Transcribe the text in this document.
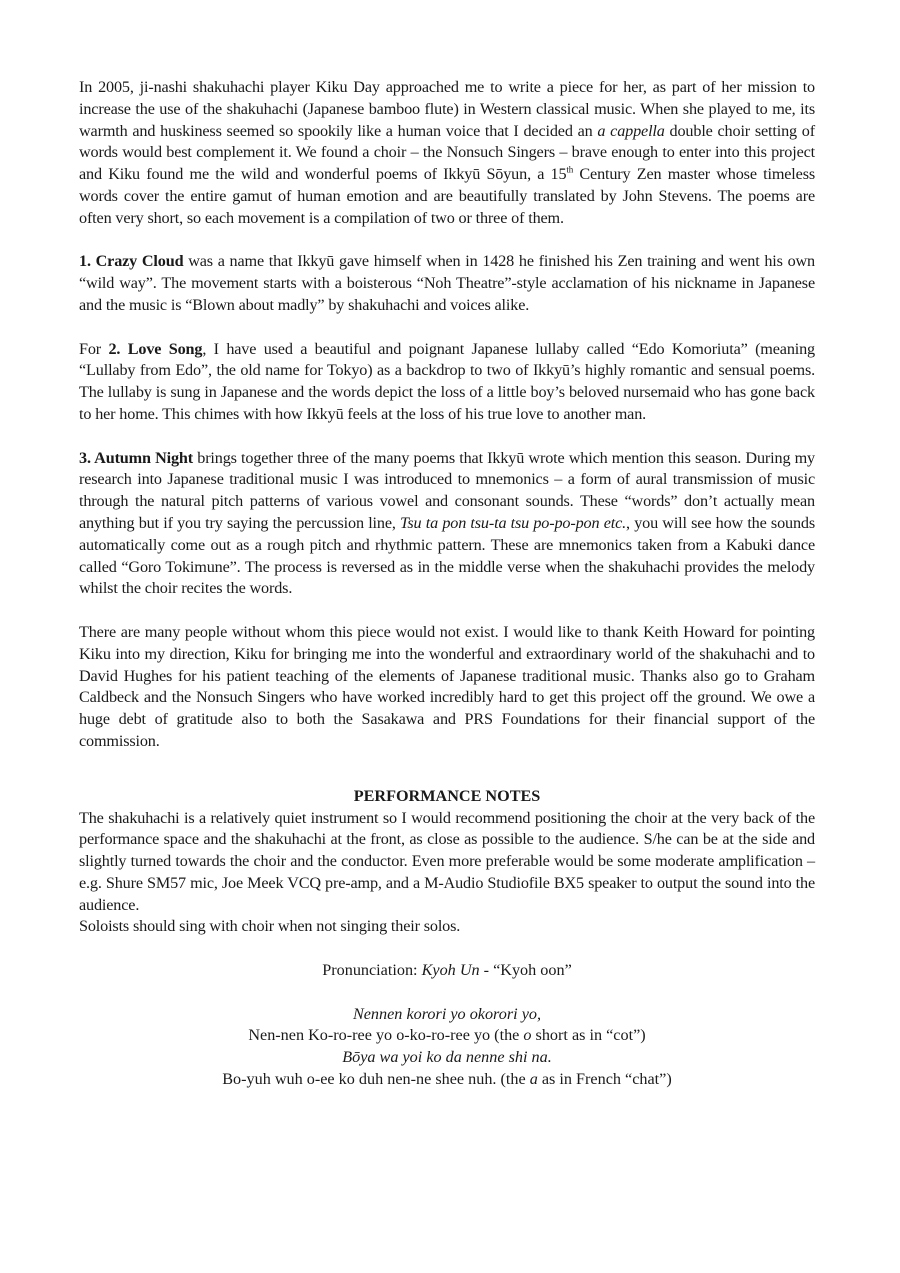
In 2005, ji-nashi shakuhachi player Kiku Day approached me to write a piece for her, as part of her mission to increase the use of the shakuhachi (Japanese bamboo flute) in Western classical music. When she played to me, its warmth and huskiness seemed so spookily like a human voice that I decided an a cappella double choir setting of words would best complement it. We found a choir – the Nonsuch Singers – brave enough to enter into this project and Kiku found me the wild and wonderful poems of Ikkyū Sōyun, a 15th Century Zen master whose timeless words cover the entire gamut of human emotion and are beautifully translated by John Stevens. The poems are often very short, so each movement is a compilation of two or three of them.

1. Crazy Cloud was a name that Ikkyū gave himself when in 1428 he finished his Zen training and went his own “wild way”. The movement starts with a boisterous “Noh Theatre”-style acclamation of his nickname in Japanese and the music is “Blown about madly” by shakuhachi and voices alike.

For 2. Love Song, I have used a beautiful and poignant Japanese lullaby called “Edo Komoriuta” (meaning “Lullaby from Edo”, the old name for Tokyo) as a backdrop to two of Ikkyū’s highly romantic and sensual poems. The lullaby is sung in Japanese and the words depict the loss of a little boy’s beloved nursemaid who has gone back to her home. This chimes with how Ikkyū feels at the loss of his true love to another man.

3. Autumn Night brings together three of the many poems that Ikkyū wrote which mention this season. During my research into Japanese traditional music I was introduced to mnemonics – a form of aural transmission of music through the natural pitch patterns of various vowel and consonant sounds. These “words” don’t actually mean anything but if you try saying the percussion line, Tsu ta pon tsu-ta tsu po-po-pon etc., you will see how the sounds automatically come out as a rough pitch and rhythmic pattern. These are mnemonics taken from a Kabuki dance called “Goro Tokimune”. The process is reversed as in the middle verse when the shakuhachi provides the melody whilst the choir recites the words.

There are many people without whom this piece would not exist. I would like to thank Keith Howard for pointing Kiku into my direction, Kiku for bringing me into the wonderful and extraordinary world of the shakuhachi and to David Hughes for his patient teaching of the elements of Japanese traditional music. Thanks also go to Graham Caldbeck and the Nonsuch Singers who have worked incredibly hard to get this project off the ground. We owe a huge debt of gratitude also to both the Sasakawa and PRS Foundations for their financial support of the commission.

PERFORMANCE NOTES

The shakuhachi is a relatively quiet instrument so I would recommend positioning the choir at the very back of the performance space and the shakuhachi at the front, as close as possible to the audience. S/he can be at the side and slightly turned towards the choir and the conductor. Even more preferable would be some moderate amplification – e.g. Shure SM57 mic, Joe Meek VCQ pre-amp, and a M-Audio Studiofile BX5 speaker to output the sound into the audience.

Soloists should sing with choir when not singing their solos.

Pronunciation: Kyoh Un - “Kyoh oon”

Nennen korori yo okorori yo,

Nen-nen Ko-ro-ree yo o-ko-ro-ree yo (the o short as in “cot”)

Bōya wa yoi ko da nenne shi na.

Bo-yuh wuh o-ee ko duh nen-ne shee nuh. (the a as in French “chat”)
